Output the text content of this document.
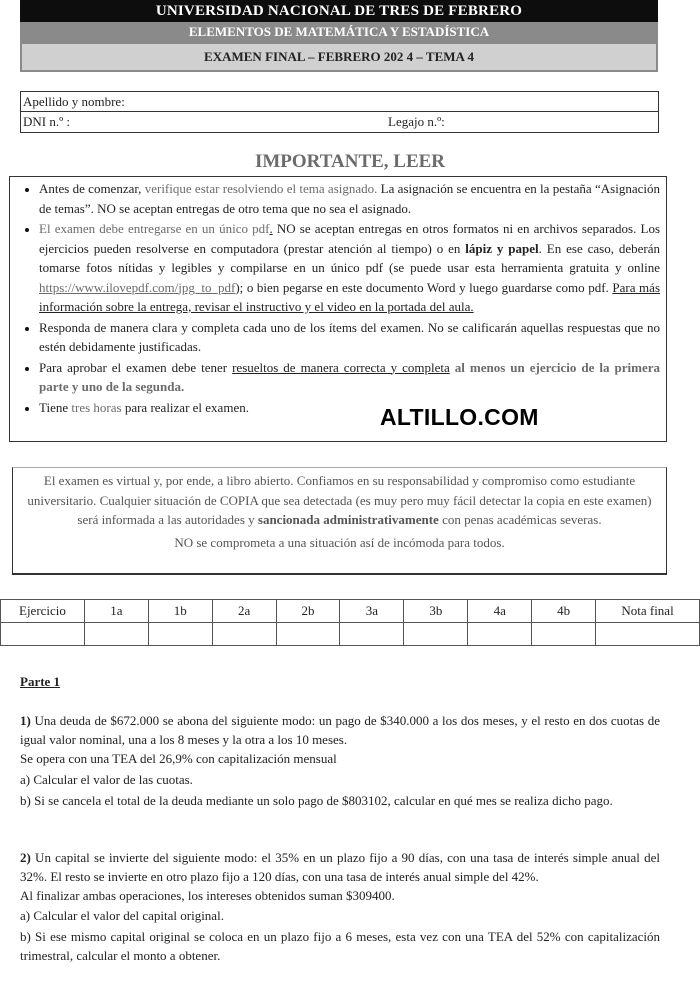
UNIVERSIDAD NACIONAL DE TRES DE FEBRERO
ELEMENTOS DE MATEMÁTICA Y ESTADÍSTICA
EXAMEN FINAL – FEBRERO 202 4 – TEMA 4
Apellido y nombre:
DNI n.º :	Legajo n.º:
IMPORTANTE, LEER
• Antes de comenzar, verifique estar resolviendo el tema asignado. La asignación se encuentra en la pestaña “Asignación de temas”. NO se aceptan entregas de otro tema que no sea el asignado.
• El examen debe entregarse en un único pdf. NO se aceptan entregas en otros formatos ni en archivos separados. Los ejercicios pueden resolverse en computadora (prestar atención al tiempo) o en lápiz y papel. En ese caso, deberán tomarse fotos nítidas y legibles y compilarse en un único pdf (se puede usar esta herramienta gratuita y online https://www.ilovepdf.com/jpg_to_pdf); o bien pegarse en este documento Word y luego guardarse como pdf. Para más información sobre la entrega, revisar el instructivo y el video en la portada del aula.
• Responda de manera clara y completa cada uno de los ítems del examen. No se calificarán aquellas respuestas que no estén debidamente justificadas.
• Para aprobar el examen debe tener resueltos de manera correcta y completa al menos un ejercicio de la primera parte y uno de la segunda.
• Tiene tres horas para realizar el examen.	ALTILLO.COM

El examen es virtual y, por ende, a libro abierto. Confiamos en su responsabilidad y compromiso como estudiante universitario. Cualquier situación de COPIA que sea detectada (es muy pero muy fácil detectar la copia en este examen) será informada a las autoridades y sancionada administrativamente con penas académicas severas.

NO se comprometa a una situación así de incómoda para todos.

Ejercicio	1a	1b	2a	2b	3a	3b	4a	4b	Nota final

Parte 1

1) Una deuda de $672.000 se abona del siguiente modo: un pago de $340.000 a los dos meses, y el resto en dos cuotas de igual valor nominal, una a los 8 meses y la otra a los 10 meses.

Se opera con una TEA del 26,9% con capitalización mensual

a) Calcular el valor de las cuotas.

b) Si se cancela el total de la deuda mediante un solo pago de $803102, calcular en qué mes se realiza dicho pago.

2) Un capital se invierte del siguiente modo: el 35% en un plazo fijo a 90 días, con una tasa de interés simple anual del 32%. El resto se invierte en otro plazo fijo a 120 días, con una tasa de interés anual simple del 42%.

Al finalizar ambas operaciones, los intereses obtenidos suman $309400.

a) Calcular el valor del capital original.

b) Si ese mismo capital original se coloca en un plazo fijo a 6 meses, esta vez con una TEA del 52% con capitalización trimestral, calcular el monto a obtener.
